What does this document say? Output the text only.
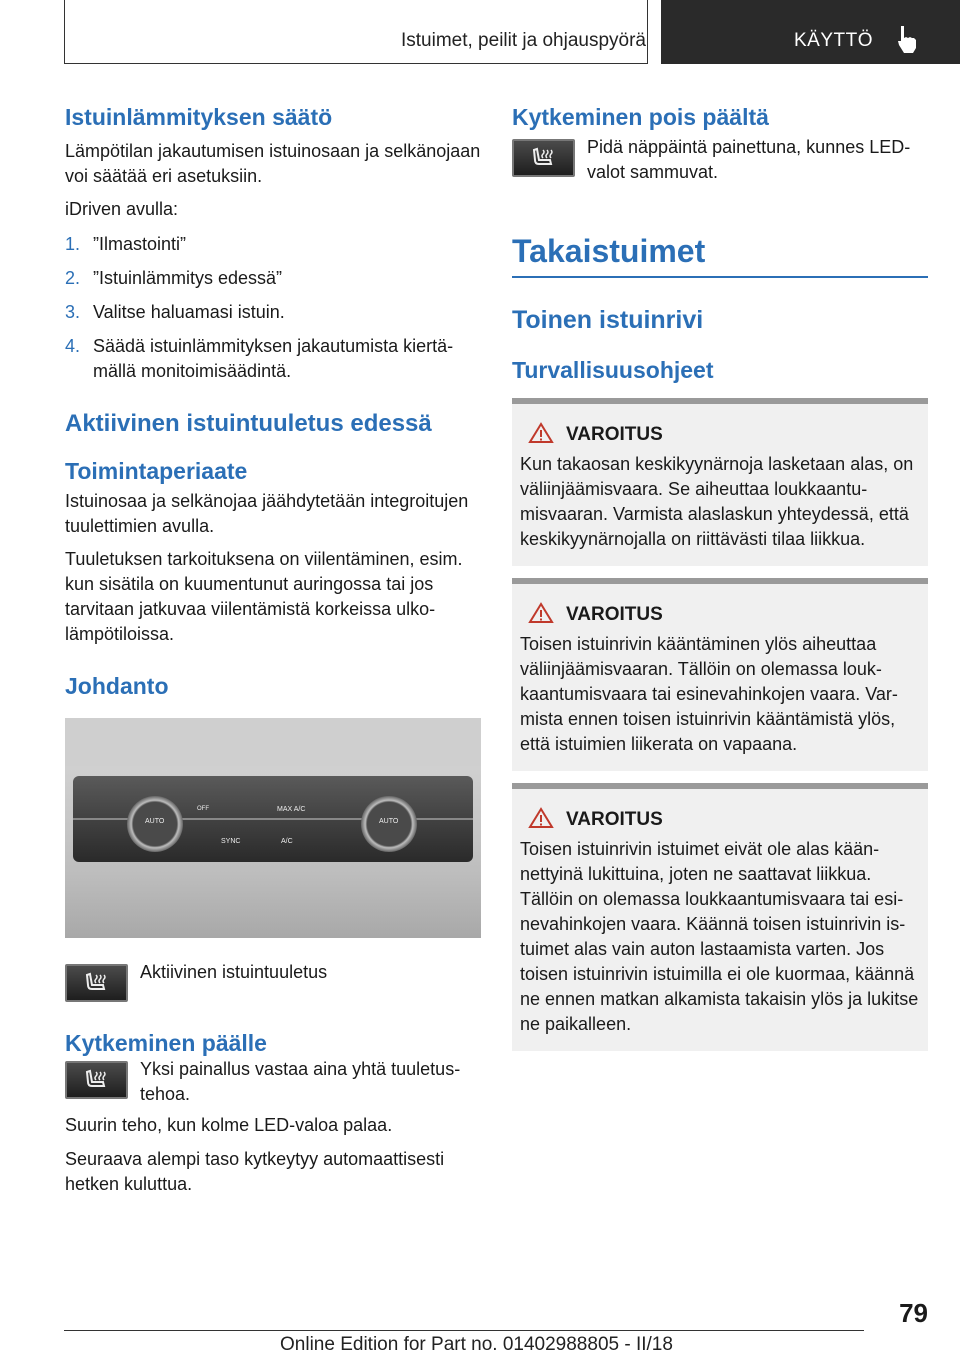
Istuimet, peilit ja ohjauspyörä	KÄYTTÖ
Istuinlämmityksen säätö

Lämpötilan jakautumisen istuinosaan ja selkänojaan voi säätää eri asetuksiin.

iDriven avulla:

1. ”Ilmastointi”
2. ”Istuinlämmitys edessä”
3. Valitse haluamasi istuin.
4. Säädä istuinlämmityksen jakautumista kiertämällä monitoimisäädintä.
Aktiivinen istuintuuletus edessä
Toimintaperiaate

Istuinosaa ja selkänojaa jäähdytetään integroitujen tuulettimien avulla.

Tuuletuksen tarkoituksena on viilentäminen, esim. kun sisätila on kuumentunut auringossa tai jos tarvitaan jatkuvaa viilentämistä korkeissa ulkolämpötiloissa.

Johdanto
AUTO	AUTO
MAX A/C
OFF
SYNC	A/C

Aktiivinen istuintuuletus

Kytkeminen päälle

Yksi painallus vastaa aina yhtä tuuletustehoa.

Suurin teho, kun kolme LED-valoa palaa.

Seuraava alempi taso kytkeytyy automaattisesti hetken kuluttua.

Kytkeminen pois päältä

Pidä näppäintä painettuna, kunnes LED-valot sammuvat.

Takaistuimet
Toinen istuinrivi
Turvallisuusohjeet
VAROITUS

Kun takaosan keskikyynärnoja lasketaan alas, on väliinjäämisvaara. Se aiheuttaa loukkaantumisvaaran. Varmista alaslaskun yhteydessä, että keskikyynärnojalla on riittävästi tilaa liikkua.

VAROITUS

Toisen istuinrivin kääntäminen ylös aiheuttaa väliinjäämisvaaran. Tällöin on olemassa loukkaantumisvaara tai esinevahinkojen vaara. Varmista ennen toisen istuinrivin kääntämistä ylös, että istuimien liikerata on vapaana.

VAROITUS

Toisen istuinrivin istuimet eivät ole alas käännettyinä lukittuina, joten ne saattavat liikkua. Tällöin on olemassa loukkaantumisvaara tai esinevahinkojen vaara. Käännä toisen istuinrivin istuimet alas vain auton lastaamista varten. Jos toisen istuinrivin istuimilla ei ole kuormaa, käännä ne ennen matkan alkamista takaisin ylös ja lukitse ne paikalleen.

79
Online Edition for Part no. 01402988805 - II/18
